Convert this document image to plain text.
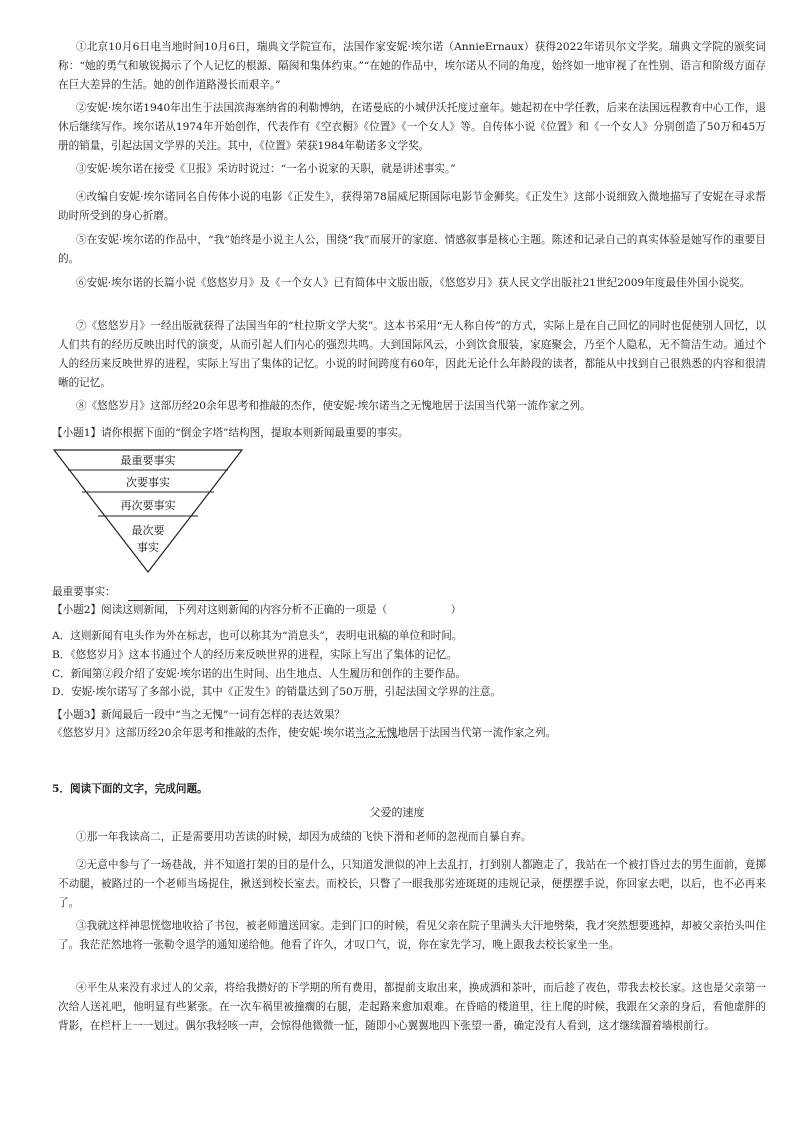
①北京10月6日电当地时间10月6日，瑞典文学院宣布，法国作家安妮·埃尔诺（AnnieErnaux）获得2022年诺贝尔文学奖。瑞典文学院的颁奖词称：“她的勇气和敏锐揭示了个人记忆的根源、隔阂和集体约束。”“在她的作品中，埃尔诺从不同的角度，始终如一地审视了在性别、语言和阶级方面存在巨大差异的生活。她的创作道路漫长而艰辛。”

②安妮·埃尔诺1940年出生于法国滨海塞纳省的利勒博纳，在诺曼底的小城伊沃托度过童年。她起初在中学任教，后来在法国远程教育中心工作，退休后继续写作。埃尔诺从1974年开始创作，代表作有《空衣橱》《位置》《一个女人》等。自传体小说《位置》和《一个女人》分别创造了50万和45万册的销量，引起法国文学界的关注。其中，《位置》荣获1984年勒诺多文学奖。

③安妮·埃尔诺在接受《卫报》采访时说过：“一名小说家的天职，就是讲述事实。”

④改编自安妮·埃尔诺同名自传体小说的电影《正发生》，获得第78届威尼斯国际电影节金狮奖。《正发生》这部小说细致入微地描写了安妮在寻求帮助时所受到的身心折磨。

⑤在安妮·埃尔诺的作品中，“我”始终是小说主人公，围绕“我”而展开的家庭、情感叙事是核心主题。陈述和记录自己的真实体验是她写作的重要目的。

⑥安妮·埃尔诺的长篇小说《悠悠岁月》及《一个女人》已有简体中文版出版，《悠悠岁月》获人民文学出版社21世纪2009年度最佳外国小说奖。

⑦《悠悠岁月》一经出版就获得了法国当年的“杜拉斯文学大奖”。这本书采用“无人称自传”的方式，实际上是在自己回忆的同时也促使别人回忆，以人们共有的经历反映出时代的演变，从而引起人们内心的强烈共鸣。大到国际风云，小到饮食服装，家庭聚会，乃至个人隐私，无不简洁生动。通过个人的经历来反映世界的进程，实际上写出了集体的记忆。小说的时间跨度有60年，因此无论什么年龄段的读者，都能从中找到自己很熟悉的内容和很清晰的记忆。

⑧《悠悠岁月》这部历经20余年思考和推敲的杰作，使安妮·埃尔诺当之无愧地居于法国当代第一流作家之列。

【小题1】请你根据下面的“倒金字塔”结构图，提取本则新闻最重要的事实。

最重要事实
次要事实
再次要事实
最次要
事实

最重要事实：

【小题2】阅读这则新闻，下列对这则新闻的内容分析不正确的一项是（　　　　　　）

A．这则新闻有电头作为外在标志，也可以称其为“消息头”，表明电讯稿的单位和时间。

B．《悠悠岁月》这本书通过个人的经历来反映世界的进程，实际上写出了集体的记忆。

C．新闻第②段介绍了安妮·埃尔诺的出生时间、出生地点、人生履历和创作的主要作品。

D．安妮·埃尔诺写了多部小说，其中《正发生》的销量达到了50万册，引起法国文学界的注意。

【小题3】新闻最后一段中“当之无愧”一词有怎样的表达效果？

《悠悠岁月》这部历经20余年思考和推敲的杰作，使安妮·埃尔诺当之无愧地居于法国当代第一流作家之列。

5．阅读下面的文字，完成问题。

父爱的速度

①那一年我读高二，正是需要用功苦读的时候，却因为成绩的飞快下滑和老师的忽视而自暴自弃。

②无意中参与了一场巷战，并不知道打架的目的是什么，只知道发泄似的冲上去乱打，打到别人都跑走了，我站在一个被打昏过去的男生面前，竟掷不动腿，被路过的一个老师当场捉住，揪送到校长室去。而校长，只瞥了一眼我那劣迹斑斑的违规记录，便摆摆手说，你回家去吧，以后，也不必再来了。

③我就这样神思恍惚地收拾了书包，被老师遣送回家。走到门口的时候，看见父亲在院子里满头大汗地劈柴，我才突然想要逃掉，却被父亲抬头叫住了。我茫茫然地将一张勒令退学的通知递给他。他看了许久，才叹口气，说，你在家先学习，晚上跟我去校长家坐一坐。

④平生从来没有求过人的父亲，将给我攒好的下学期的所有费用，都提前支取出来，换成酒和茶叶，而后趁了夜色，带我去校长家。这也是父亲第一次给人送礼吧，他明显有些紧张。在一次车祸里被撞瘸的右腿，走起路来愈加艰难。在昏暗的楼道里，往上爬的时候，我跟在父亲的身后，看他虚胖的背影，在栏杆上一一划过。偶尔我轻咳一声，会惊得他微微一怔，随即小心翼翼地四下张望一番，确定没有人看到，这才继续溜着墙根前行。
